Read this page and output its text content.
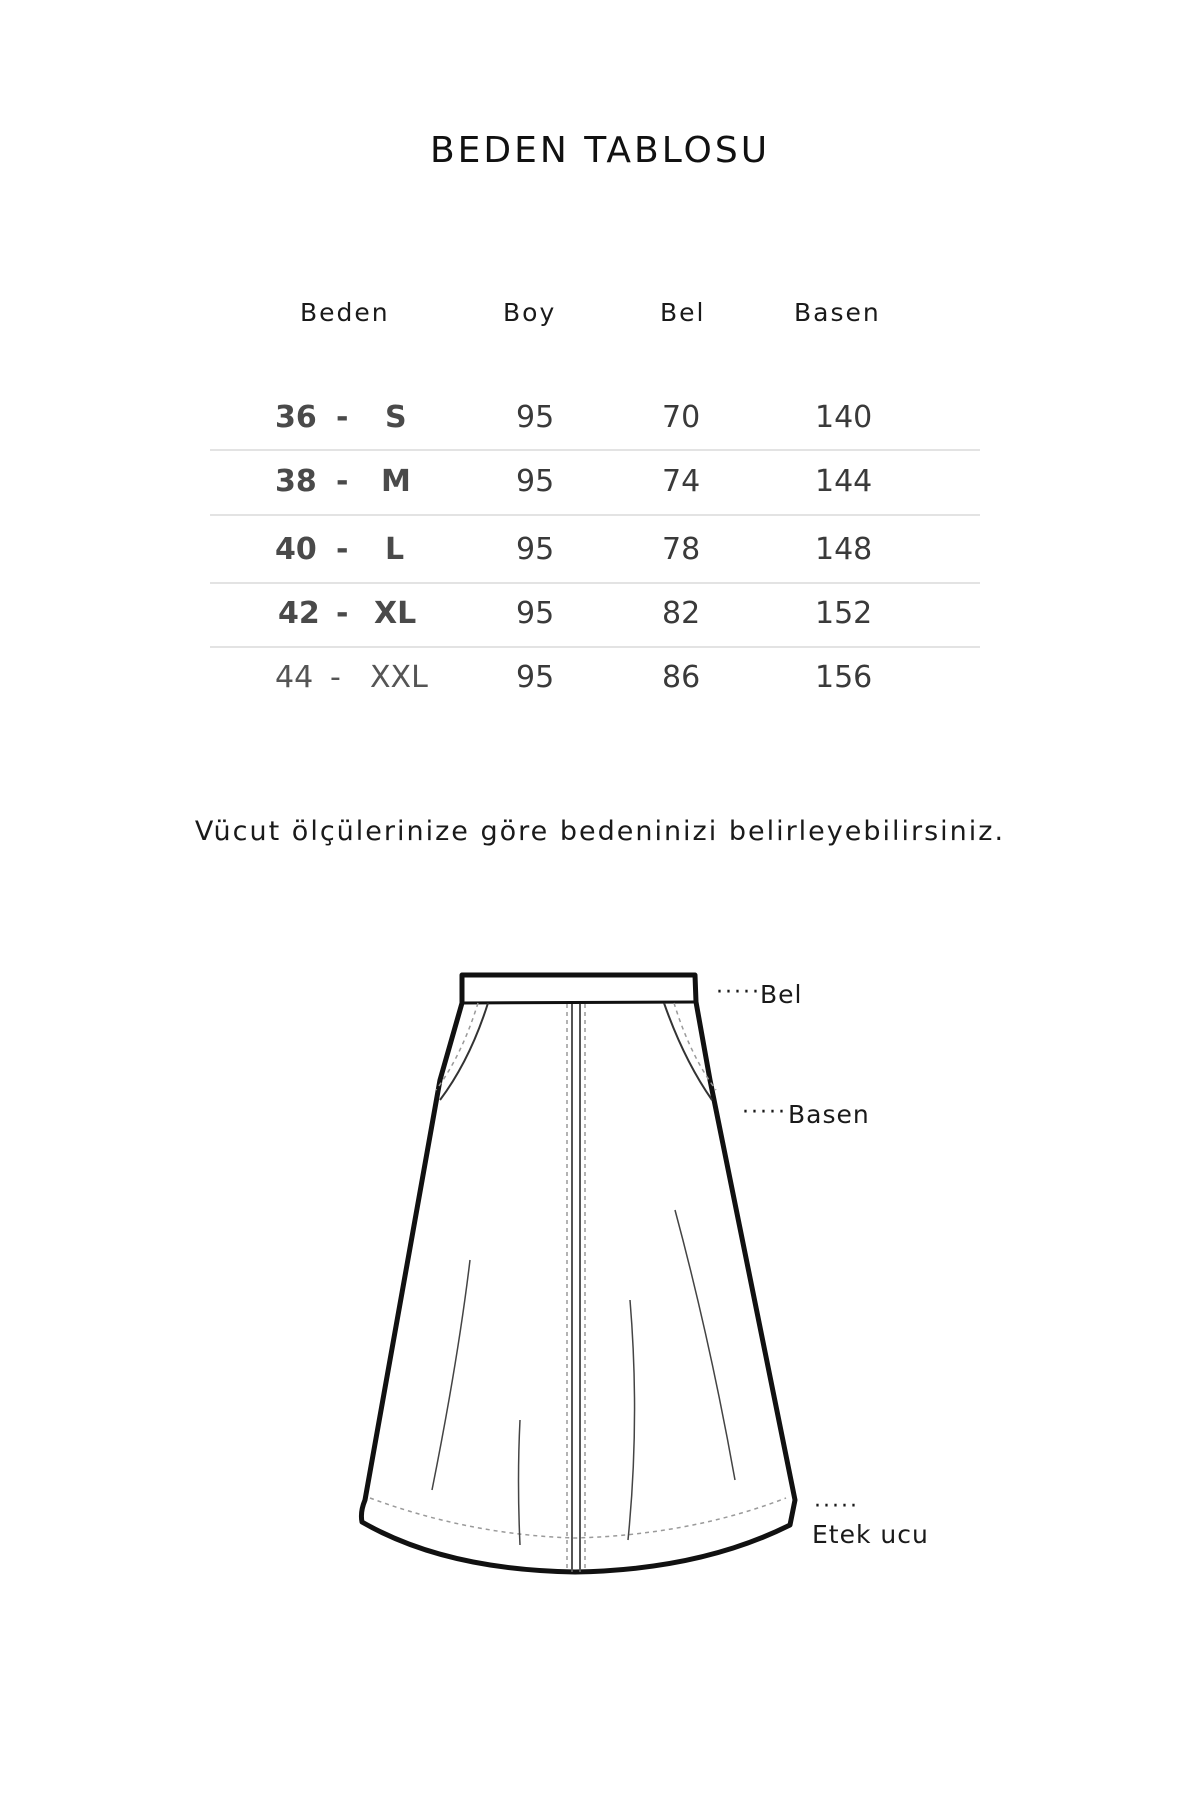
BEDEN TABLOSU
Beden	Boy	Bel	Basen
36 - S	95	70	140
38 - M	95	74	144
40 - L	95	78	148
42 - XL	95	82	152
44 - XXL	95	86	156
Vücut ölçülerinize göre bedeninizi belirleyebilirsiniz.
····· Bel
····· Basen
·····
Etek ucu
